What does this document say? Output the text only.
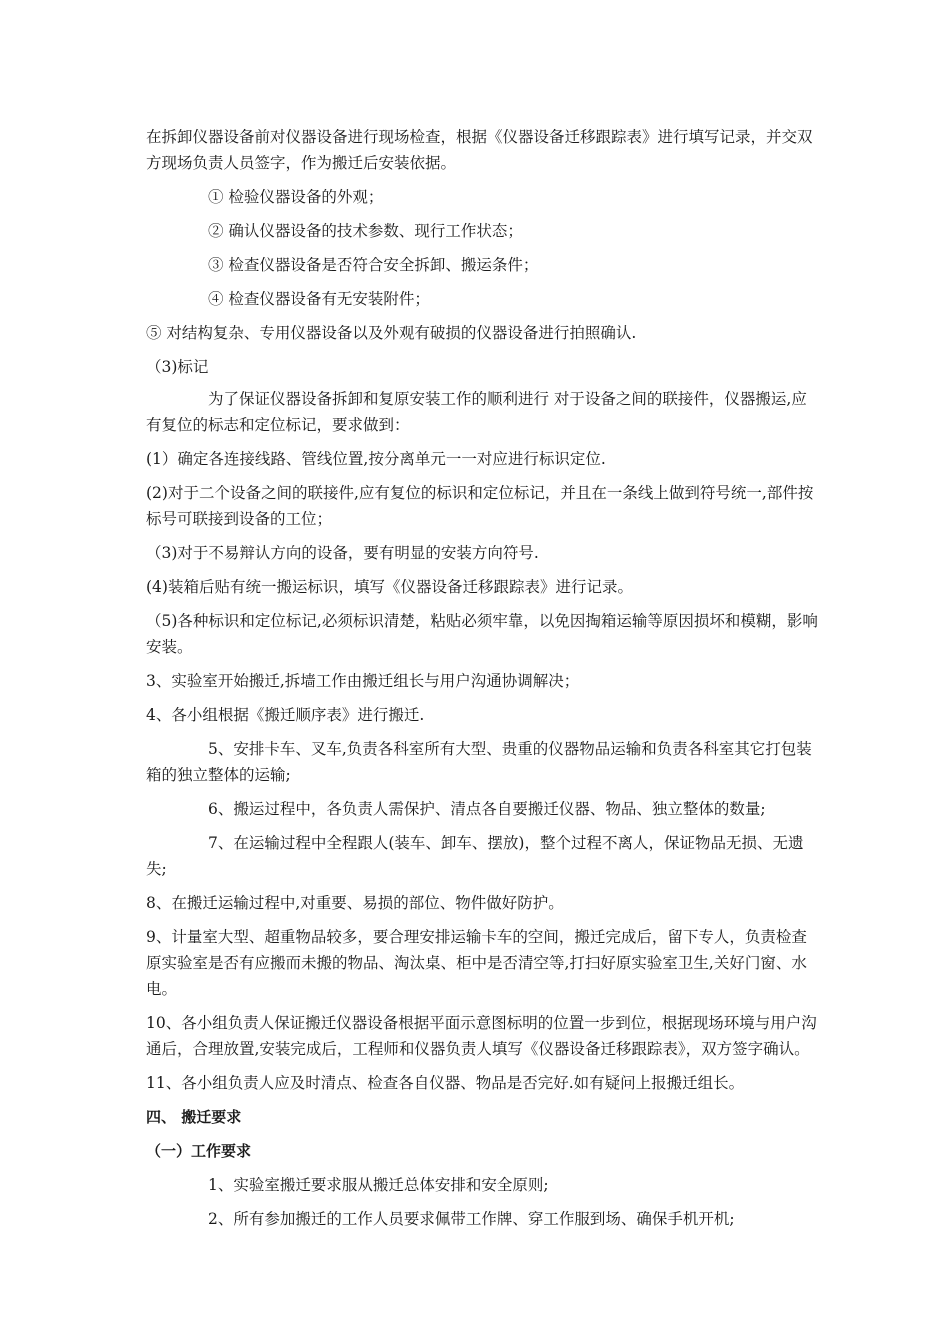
在拆卸仪器设备前对仪器设备进行现场检查，根据《仪器设备迁移跟踪表》进行填写记录，并交双方现场负责人员签字，作为搬迁后安装依据。

① 检验仪器设备的外观；

② 确认仪器设备的技术参数、现行工作状态；

③ 检查仪器设备是否符合安全拆卸、搬运条件；

④ 检查仪器设备有无安装附件；

⑤ 对结构复杂、专用仪器设备以及外观有破损的仪器设备进行拍照确认.

（3)标记

为了保证仪器设备拆卸和复原安装工作的顺利进行 对于设备之间的联接件，仪器搬运,应有复位的标志和定位标记，要求做到：

(1）确定各连接线路、管线位置,按分离单元一一对应进行标识定位.

(2)对于二个设备之间的联接件,应有复位的标识和定位标记，并且在一条线上做到符号统一,部件按标号可联接到设备的工位；

（3)对于不易辩认方向的设备，要有明显的安装方向符号.

(4)装箱后贴有统一搬运标识，填写《仪器设备迁移跟踪表》进行记录。

（5)各种标识和定位标记,必须标识清楚，粘贴必须牢靠，以免因掏箱运输等原因损坏和模糊，影响安装。

3、实验室开始搬迁,拆墙工作由搬迁组长与用户沟通协调解决；

4、各小组根据《搬迁顺序表》进行搬迁.

5、安排卡车、叉车,负责各科室所有大型、贵重的仪器物品运输和负责各科室其它打包装箱的独立整体的运输;

6、搬运过程中，各负责人需保护、清点各自要搬迁仪器、物品、独立整体的数量;

7、在运输过程中全程跟人(装车、卸车、摆放)，整个过程不离人，保证物品无损、无遗失;

8、在搬迁运输过程中,对重要、易损的部位、物件做好防护。

9、计量室大型、超重物品较多，要合理安排运输卡车的空间，搬迁完成后，留下专人，负责检查原实验室是否有应搬而未搬的物品、淘汰桌、柜中是否清空等,打扫好原实验室卫生,关好门窗、水电。

10、各小组负责人保证搬迁仪器设备根据平面示意图标明的位置一步到位，根据现场环境与用户沟通后，合理放置,安装完成后，工程师和仪器负责人填写《仪器设备迁移跟踪表》，双方签字确认。

11、各小组负责人应及时清点、检查各自仪器、物品是否完好.如有疑问上报搬迁组长。

四、 搬迁要求

（一）工作要求

1、实验室搬迁要求服从搬迁总体安排和安全原则;

2、所有参加搬迁的工作人员要求佩带工作牌、穿工作服到场、确保手机开机;
